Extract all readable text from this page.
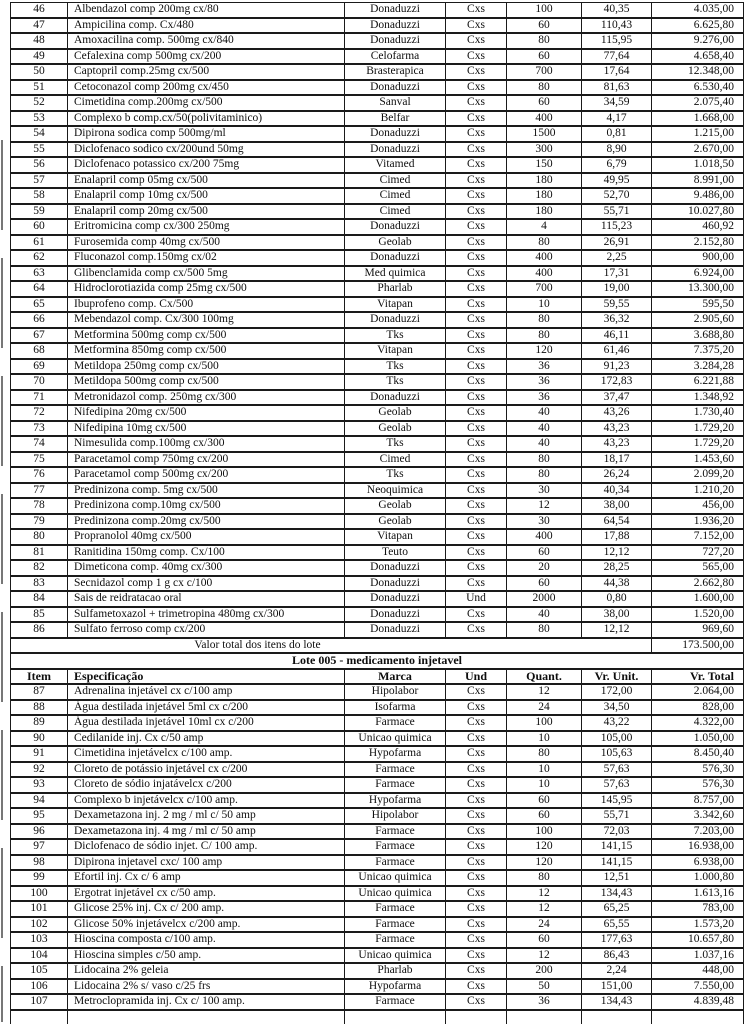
46	Albendazol comp 200mg cx/80	Donaduzzi	Cxs	100	40,35	4.035,00
47	Ampicilina comp. Cx/480	Donaduzzi	Cxs	60	110,43	6.625,80
48	Amoxacilina comp. 500mg cx/840	Donaduzzi	Cxs	80	115,95	9.276,00
49	Cefalexina comp 500mg cx/200	Celofarma	Cxs	60	77,64	4.658,40
50	Captopril comp.25mg cx/500	Brasterapica	Cxs	700	17,64	12.348,00
51	Cetoconazol comp 200mg cx/450	Donaduzzi	Cxs	80	81,63	6.530,40
52	Cimetidina comp.200mg cx/500	Sanval	Cxs	60	34,59	2.075,40
53	Complexo b comp.cx/50(polivitaminico)	Belfar	Cxs	400	4,17	1.668,00
54	Dipirona sodica comp 500mg/ml	Donaduzzi	Cxs	1500	0,81	1.215,00
55	Diclofenaco sodico cx/200und 50mg	Donaduzzi	Cxs	300	8,90	2.670,00
56	Diclofenaco potassico cx/200 75mg	Vitamed	Cxs	150	6,79	1.018,50
57	Enalapril comp 05mg cx/500	Cimed	Cxs	180	49,95	8.991,00
58	Enalapril comp 10mg cx/500	Cimed	Cxs	180	52,70	9.486,00
59	Enalapril comp 20mg cx/500	Cimed	Cxs	180	55,71	10.027,80
60	Eritromicina comp cx/300 250mg	Donaduzzi	Cxs	4	115,23	460,92
61	Furosemida comp 40mg cx/500	Geolab	Cxs	80	26,91	2.152,80
62	Fluconazol comp.150mg cx/02	Donaduzzi	Cxs	400	2,25	900,00
63	Glibenclamida comp cx/500 5mg	Med quimica	Cxs	400	17,31	6.924,00
64	Hidroclorotiazida comp 25mg cx/500	Pharlab	Cxs	700	19,00	13.300,00
65	Ibuprofeno comp. Cx/500	Vitapan	Cxs	10	59,55	595,50
66	Mebendazol comp. Cx/300 100mg	Donaduzzi	Cxs	80	36,32	2.905,60
67	Metformina 500mg comp cx/500	Tks	Cxs	80	46,11	3.688,80
68	Metformina 850mg comp cx/500	Vitapan	Cxs	120	61,46	7.375,20
69	Metildopa 250mg comp cx/500	Tks	Cxs	36	91,23	3.284,28
70	Metildopa 500mg comp cx/500	Tks	Cxs	36	172,83	6.221,88
71	Metronidazol comp. 250mg cx/300	Donaduzzi	Cxs	36	37,47	1.348,92
72	Nifedipina 20mg cx/500	Geolab	Cxs	40	43,26	1.730,40
73	Nifedipina 10mg cx/500	Geolab	Cxs	40	43,23	1.729,20
74	Nimesulida comp.100mg cx/300	Tks	Cxs	40	43,23	1.729,20
75	Paracetamol comp 750mg cx/200	Cimed	Cxs	80	18,17	1.453,60
76	Paracetamol comp 500mg cx/200	Tks	Cxs	80	26,24	2.099,20
77	Predinizona comp. 5mg cx/500	Neoquimica	Cxs	30	40,34	1.210,20
78	Predinizona comp.10mg cx/500	Geolab	Cxs	12	38,00	456,00
79	Predinizona comp.20mg cx/500	Geolab	Cxs	30	64,54	1.936,20
80	Propranolol 40mg cx/500	Vitapan	Cxs	400	17,88	7.152,00
81	Ranitidina 150mg comp. Cx/100	Teuto	Cxs	60	12,12	727,20
82	Dimeticona comp. 40mg cx/300	Donaduzzi	Cxs	20	28,25	565,00
83	Secnidazol comp 1 g cx c/100	Donaduzzi	Cxs	60	44,38	2.662,80
84	Sais de reidratacao oral	Donaduzzi	Und	2000	0,80	1.600,00
85	Sulfametoxazol + trimetropina 480mg cx/300	Donaduzzi	Cxs	40	38,00	1.520,00
86	Sulfato ferroso comp cx/200	Donaduzzi	Cxs	80	12,12	969,60
Valor total dos itens do lote						173.500,00
Lote 005 - medicamento injetavel						
Item	Especificação	Marca	Und	Quant.	Vr. Unit.	Vr. Total
87	Adrenalina injetável cx c/100 amp	Hipolabor	Cxs	12	172,00	2.064,00
88	Água destilada injetável 5ml cx c/200	Isofarma	Cxs	24	34,50	828,00
89	Água destilada injetável 10ml cx c/200	Farmace	Cxs	100	43,22	4.322,00
90	Cedilanide inj. Cx c/50 amp	Unicao quimica	Cxs	10	105,00	1.050,00
91	Cimetidina injetávelcx c/100 amp.	Hypofarma	Cxs	80	105,63	8.450,40
92	Cloreto de potássio injetável cx c/200	Farmace	Cxs	10	57,63	576,30
93	Cloreto de sódio injatávelcx c/200	Farmace	Cxs	10	57,63	576,30
94	Complexo b injetávelcx c/100 amp.	Hypofarma	Cxs	60	145,95	8.757,00
95	Dexametazona inj. 2 mg / ml c/ 50 amp	Hipolabor	Cxs	60	55,71	3.342,60
96	Dexametazona inj. 4 mg / ml c/ 50 amp	Farmace	Cxs	100	72,03	7.203,00
97	Diclofenaco de sódio injet. C/ 100 amp.	Farmace	Cxs	120	141,15	16.938,00
98	Dipirona injetavel cxc/ 100 amp	Farmace	Cxs	120	141,15	6.938,00
99	Efortil inj. Cx c/ 6 amp	Unicao quimica	Cxs	80	12,51	1.000,80
100	Ergotrat injetável cx c/50 amp.	Unicao quimica	Cxs	12	134,43	1.613,16
101	Glicose 25% inj. Cx c/ 200 amp.	Farmace	Cxs	12	65,25	783,00
102	Glicose 50% injetávelcx c/200 amp.	Farmace	Cxs	24	65,55	1.573,20
103	Hioscina composta c/100 amp.	Farmace	Cxs	60	177,63	10.657,80
104	Hioscina simples c/50 amp.	Unicao quimica	Cxs	12	86,43	1.037,16
105	Lidocaina 2% geleia	Pharlab	Cxs	200	2,24	448,00
106	Lidocaina 2% s/ vaso c/25 frs	Hypofarma	Cxs	50	151,00	7.550,00
107	Metroclopramida inj. Cx c/ 100 amp.	Farmace	Cxs	36	134,43	4.839,48
